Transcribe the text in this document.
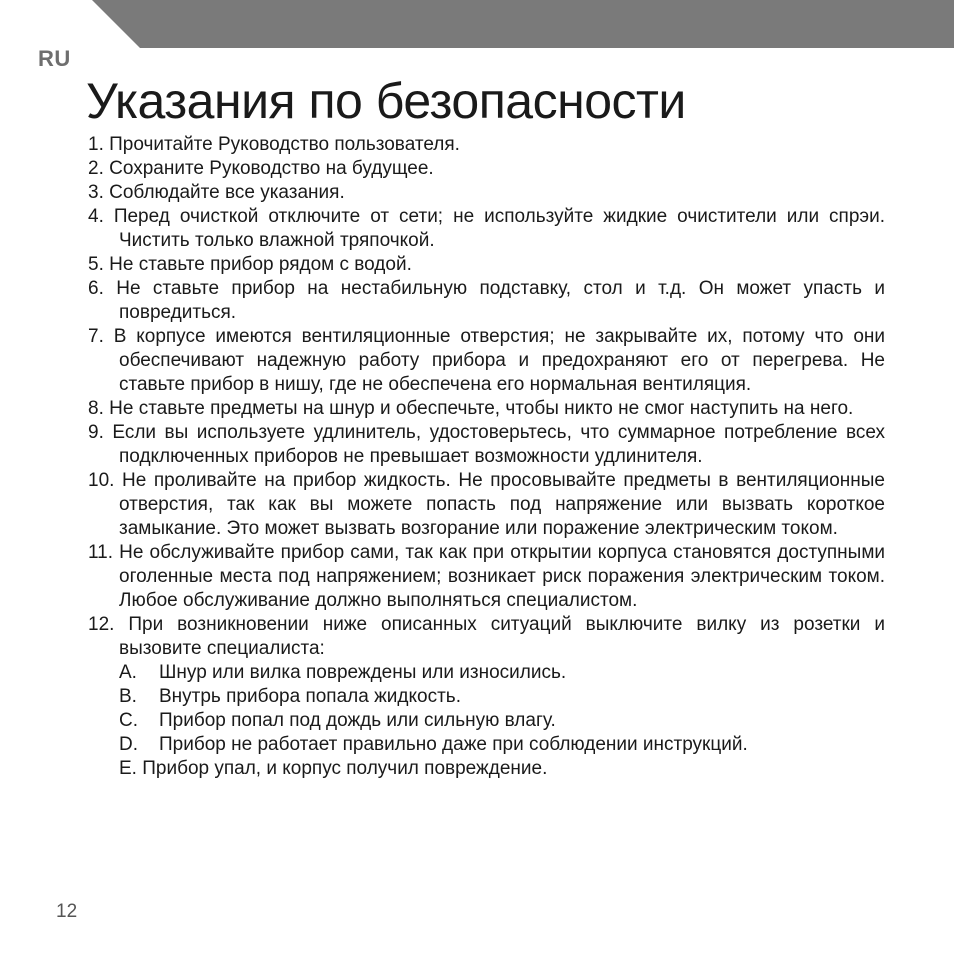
RU
Указания по безопасности
1. Прочитайте Руководство пользователя.
2. Сохраните Руководство на будущее.
3. Соблюдайте все указания.
4. Перед очисткой отключите от сети; не используйте жидкие очистители или спрэи. Чистить только влажной тряпочкой.
5. Не ставьте прибор рядом с водой.
6. Не ставьте прибор на нестабильную подставку, стол и т.д. Он может упасть и повредиться.
7. В корпусе имеются вентиляционные отверстия; не закрывайте их, потому что они обеспечивают надежную работу прибора и предохраняют его от перегрева. Не ставьте прибор в нишу, где не обеспечена его нормальная вентиляция.
8. Не ставьте предметы на шнур и обеспечьте, чтобы никто не смог наступить на него.
9. Если вы используете удлинитель, удостоверьтесь, что суммарное потребление всех подключенных приборов не превышает возможности удлинителя.
10. Не проливайте на прибор жидкость. Не просовывайте предметы в вентиляционные отверстия, так как вы можете попасть под напряжение или вызвать короткое замыкание. Это может вызвать возгорание или поражение электрическим током.
11. Не обслуживайте прибор сами, так как при открытии корпуса становятся доступными оголенные места под напряжением; возникает риск поражения электрическим током. Любое обслуживание должно выполняться специалистом.
12. При возникновении ниже описанных ситуаций выключите вилку из розетки и вызовите специалиста:
A. Шнур или вилка повреждены или износились.
B. Внутрь прибора попала жидкость.
C. Прибор попал под дождь или сильную влагу.
D. Прибор не работает правильно даже при соблюдении инструкций.
E. Прибор упал, и корпус получил повреждение.
12
